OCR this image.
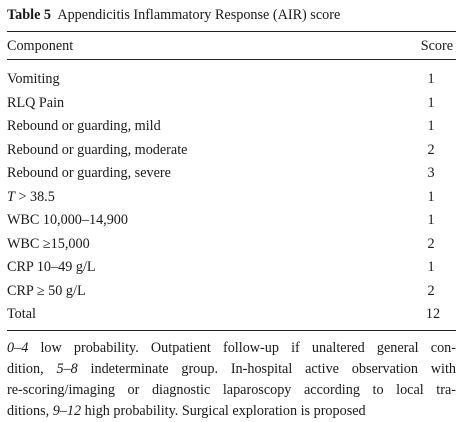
Table 5 Appendicitis Inflammatory Response (AIR) score
Component	Score
Vomiting	1
RLQ Pain	1
Rebound or guarding, mild	1
Rebound or guarding, moderate	2
Rebound or guarding, severe	3
T > 38.5	1
WBC 10,000–14,900	1
WBC ≥15,000	2
CRP 10–49 g/L	1
CRP ≥ 50 g/L	2
Total	12
0–4 low probability. Outpatient follow-up if unaltered general con-
dition, 5–8 indeterminate group. In-hospital active observation with
re-scoring/imaging or diagnostic laparoscopy according to local tra-
ditions, 9–12 high probability. Surgical exploration is proposed
